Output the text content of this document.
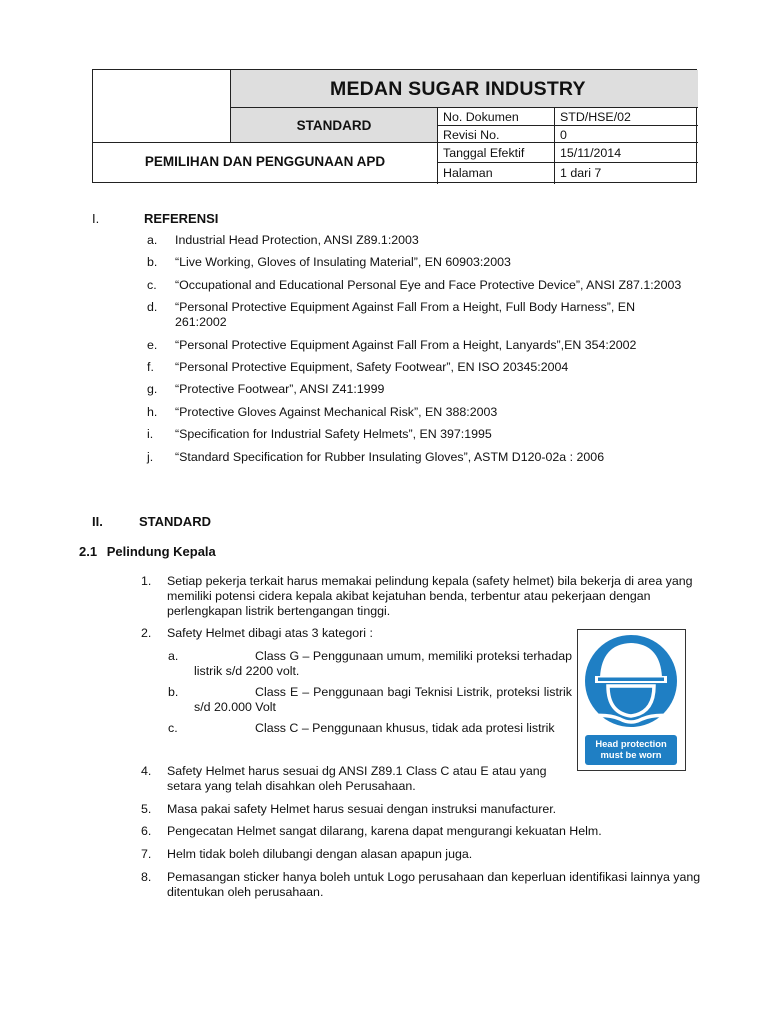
MEDAN SUGAR INDUSTRY
STANDARD
PEMILIHAN DAN PENGGUNAAN APD
No. Dokumen	STD/HSE/02
Revisi No.	0
Tanggal Efektif	15/11/2014
Halaman	1 dari 7
I.	REFERENSI
a. Industrial Head Protection, ANSI Z89.1:2003
b. “Live Working, Gloves of Insulating Material”, EN 60903:2003
c. “Occupational and Educational Personal Eye and Face Protective Device”, ANSI Z87.1:2003
d. “Personal Protective Equipment Against Fall From a Height, Full Body Harness”, EN 261:2002
e. “Personal Protective Equipment Against Fall From a Height, Lanyards”,EN 354:2002
f. “Personal Protective Equipment, Safety Footwear”, EN ISO 20345:2004
g. “Protective Footwear”, ANSI Z41:1999
h. “Protective Gloves Against Mechanical Risk”, EN 388:2003
i. “Specification for Industrial Safety Helmets”, EN 397:1995
j. “Standard Specification for Rubber Insulating Gloves”, ASTM D120-02a : 2006
II.	STANDARD
2.1 Pelindung Kepala
1. Setiap pekerja terkait harus memakai pelindung kepala (safety helmet) bila bekerja di area yang memiliki potensi cidera kepala akibat kejatuhan benda, terbentur atau pekerjaan dengan perlengkapan listrik bertengangan tinggi.
2. Safety Helmet dibagi atas 3 kategori :
a.	Class G – Penggunaan umum, memiliki proteksi terhadap listrik s/d 2200 volt.
b.	Class E – Penggunaan bagi Teknisi Listrik, proteksi listrik s/d 20.000 Volt
c.	Class C – Penggunaan khusus, tidak ada protesi listrik
4. Safety Helmet harus sesuai dg ANSI Z89.1 Class C atau E atau yang setara yang telah disahkan oleh Perusahaan.
5. Masa pakai safety Helmet harus sesuai dengan instruksi manufacturer.
6. Pengecatan Helmet sangat dilarang, karena dapat mengurangi kekuatan Helm.
7. Helm tidak boleh dilubangi dengan alasan apapun juga.
Head protection
must be worn
8. Pemasangan sticker hanya boleh untuk Logo perusahaan dan keperluan identifikasi lainnya yang ditentukan oleh perusahaan.
